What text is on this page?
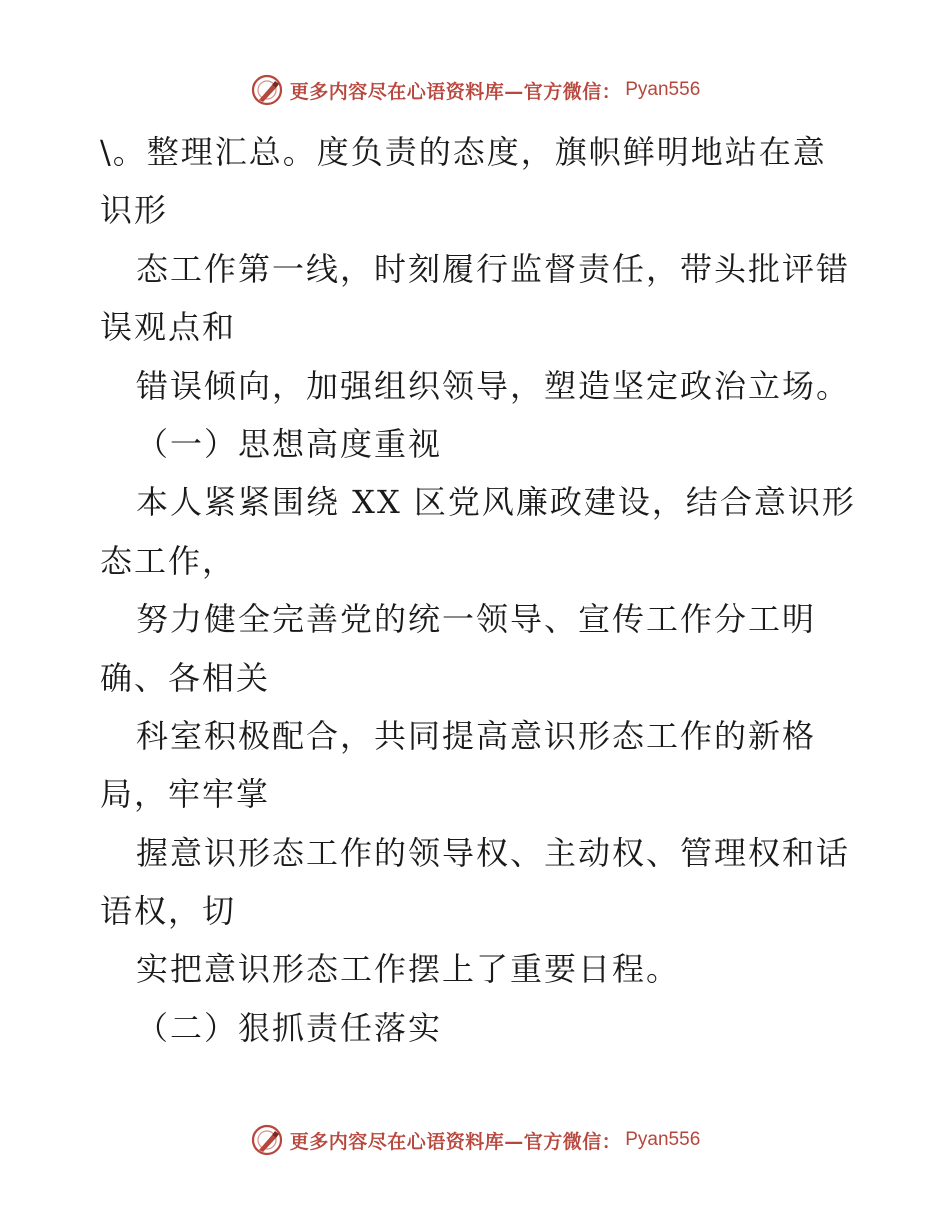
更多内容尽在心语资料库—官方微信： Pyan556
\。整理汇总。度负责的态度，旗帜鲜明地站在意
识形
态工作第一线，时刻履行监督责任，带头批评错
误观点和
错误倾向，加强组织领导，塑造坚定政治立场。
（一）思想高度重视
本人紧紧围绕 XX 区党风廉政建设，结合意识形
态工作，
努力健全完善党的统一领导、宣传工作分工明
确、各相关
科室积极配合，共同提高意识形态工作的新格
局，牢牢掌
握意识形态工作的领导权、主动权、管理权和话
语权，切
实把意识形态工作摆上了重要日程。
（二）狠抓责任落实
更多内容尽在心语资料库—官方微信： Pyan556
